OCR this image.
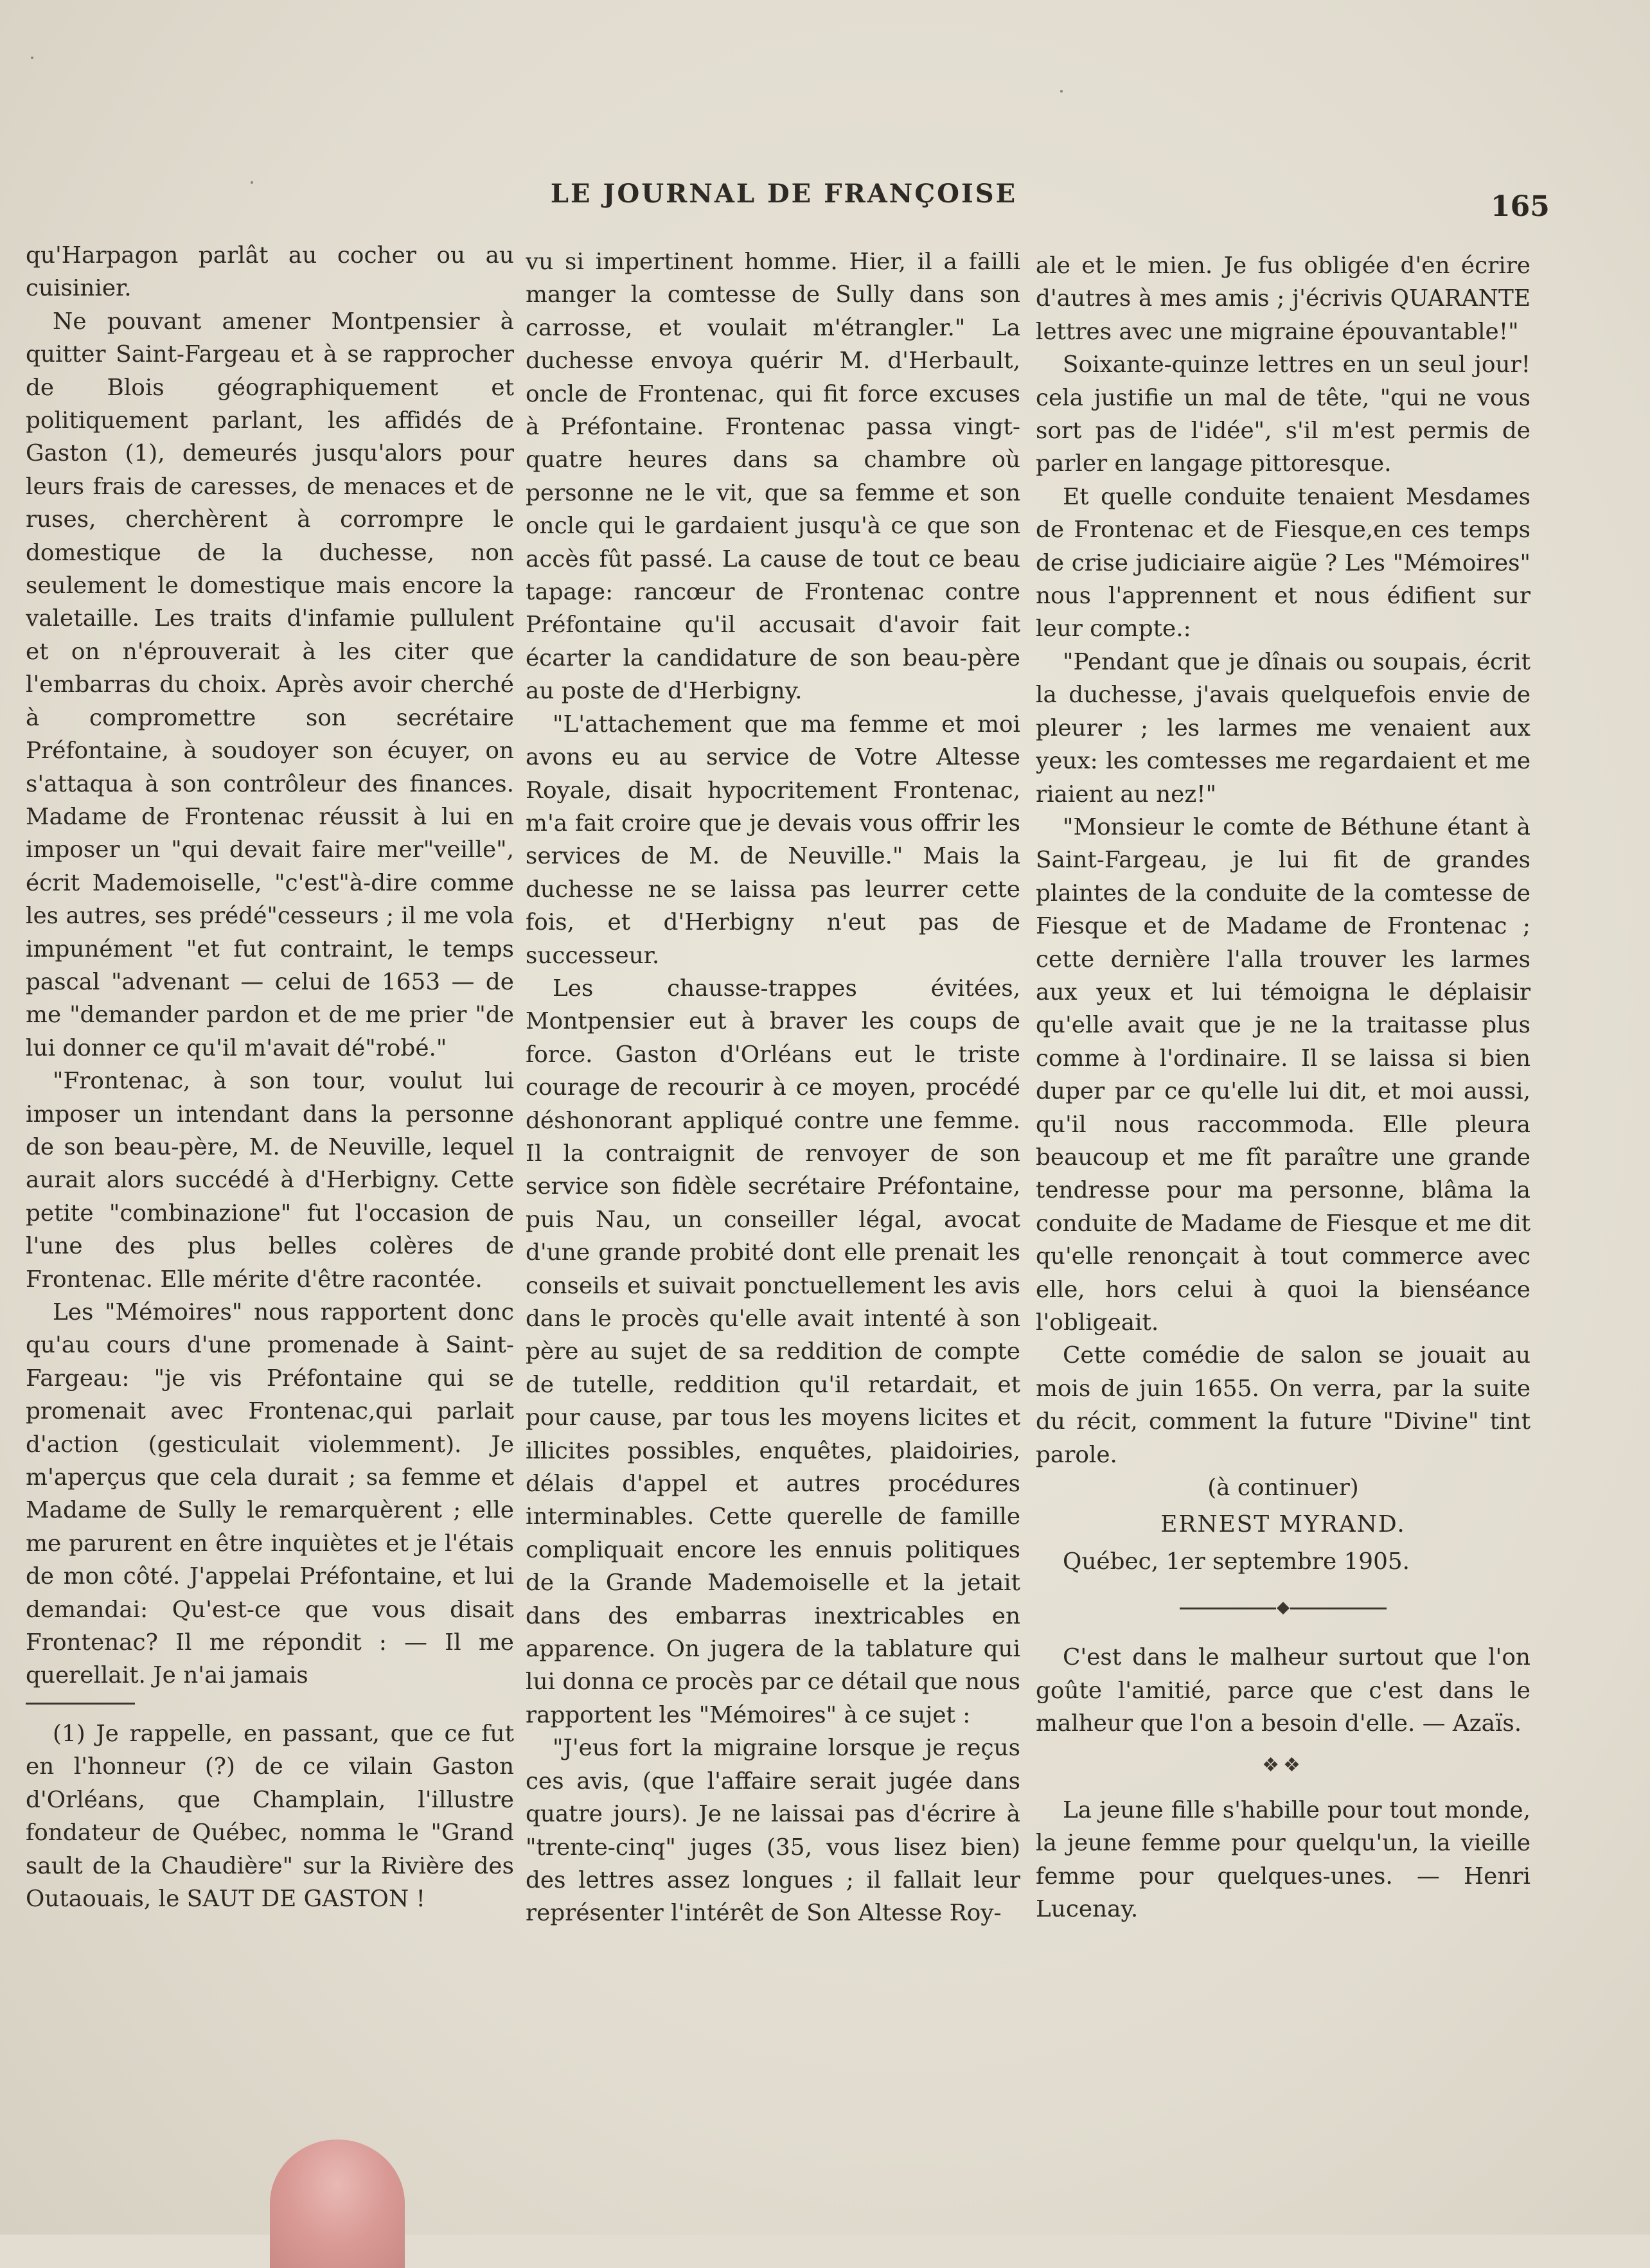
LE JOURNAL DE FRANÇOISE	165

qu'Harpagon parlât au cocher ou au cuisinier.

Ne pouvant amener Montpensier à quitter Saint-Fargeau et à se rapprocher de Blois géographiquement et politiquement parlant, les affidés de Gaston (1), demeurés jusqu'alors pour leurs frais de caresses, de menaces et de ruses, cherchèrent à corrompre le domestique de la duchesse, non seulement le domestique mais encore la valetaille. Les traits d'infamie pullulent et on n'éprouverait à les citer que l'embarras du choix. Après avoir cherché à compromettre son secrétaire Préfontaine, à soudoyer son écuyer, on s'attaqua à son contrôleur des finances. Madame de Frontenac réussit à lui en imposer un "qui devait faire mer"veille", écrit Mademoiselle, "c'est"à-dire comme les autres, ses prédé"cesseurs ; il me vola impunément "et fut contraint, le temps pascal "advenant — celui de 1653 — de me "demander pardon et de me prier "de lui donner ce qu'il m'avait dé"robé."

"Frontenac, à son tour, voulut lui imposer un intendant dans la personne de son beau-père, M. de Neuville, lequel aurait alors succédé à d'Herbigny. Cette petite "combinazione" fut l'occasion de l'une des plus belles colères de Frontenac. Elle mérite d'être racontée.

Les "Mémoires" nous rapportent donc qu'au cours d'une promenade à Saint-Fargeau: "je vis Préfontaine qui se promenait avec Frontenac,qui parlait d'action (gesticulait violemment). Je m'aperçus que cela durait ; sa femme et Madame de Sully le remarquèrent ; elle me parurent en être inquiètes et je l'étais de mon côté. J'appelai Préfontaine, et lui demandai: Qu'est-ce que vous disait Frontenac? Il me répondit : — Il me querellait. Je n'ai jamais

(1) Je rappelle, en passant, que ce fut en l'honneur (?) de ce vilain Gaston d'Orléans, que Champlain, l'illustre fondateur de Québec, nomma le "Grand sault de la Chaudière" sur la Rivière des Outaouais, le SAUT DE GASTON !

vu si impertinent homme. Hier, il a failli manger la comtesse de Sully dans son carrosse, et voulait m'étrangler." La duchesse envoya quérir M. d'Herbault, oncle de Frontenac, qui fit force excuses à Préfontaine. Frontenac passa vingt-quatre heures dans sa chambre où personne ne le vit, que sa femme et son oncle qui le gardaient jusqu'à ce que son accès fût passé. La cause de tout ce beau tapage: rancœur de Frontenac contre Préfontaine qu'il accusait d'avoir fait écarter la candidature de son beau-père au poste de d'Herbigny.

"L'attachement que ma femme et moi avons eu au service de Votre Altesse Royale, disait hypocritement Frontenac, m'a fait croire que je devais vous offrir les services de M. de Neuville." Mais la duchesse ne se laissa pas leurrer cette fois, et d'Herbigny n'eut pas de successeur.

Les chausse-trappes évitées, Montpensier eut à braver les coups de force. Gaston d'Orléans eut le triste courage de recourir à ce moyen, procédé déshonorant appliqué contre une femme. Il la contraignit de renvoyer de son service son fidèle secrétaire Préfontaine, puis Nau, un conseiller légal, avocat d'une grande probité dont elle prenait les conseils et suivait ponctuellement les avis dans le procès qu'elle avait intenté à son père au sujet de sa reddition de compte de tutelle, reddition qu'il retardait, et pour cause, par tous les moyens licites et illicites possibles, enquêtes, plaidoiries, délais d'appel et autres procédures interminables. Cette querelle de famille compliquait encore les ennuis politiques de la Grande Mademoiselle et la jetait dans des embarras inextricables en apparence. On jugera de la tablature qui lui donna ce procès par ce détail que nous rapportent les "Mémoires" à ce sujet :

"J'eus fort la migraine lorsque je reçus ces avis, (que l'affaire serait jugée dans quatre jours). Je ne laissai pas d'écrire à "trente-cinq" juges (35, vous lisez bien) des lettres assez longues ; il fallait leur représenter l'intérêt de Son Altesse Roy-

ale et le mien. Je fus obligée d'en écrire d'autres à mes amis ; j'écrivis QUARANTE lettres avec une migraine épouvantable!"

Soixante-quinze lettres en un seul jour! cela justifie un mal de tête, "qui ne vous sort pas de l'idée", s'il m'est permis de parler en langage pittoresque.

Et quelle conduite tenaient Mesdames de Frontenac et de Fiesque,en ces temps de crise judiciaire aigüe ? Les "Mémoires" nous l'apprennent et nous édifient sur leur compte.:

"Pendant que je dînais ou soupais, écrit la duchesse, j'avais quelquefois envie de pleurer ; les larmes me venaient aux yeux: les comtesses me regardaient et me riaient au nez!"

"Monsieur le comte de Béthune étant à Saint-Fargeau, je lui fit de grandes plaintes de la conduite de la comtesse de Fiesque et de Madame de Frontenac ; cette dernière l'alla trouver les larmes aux yeux et lui témoigna le déplaisir qu'elle avait que je ne la traitasse plus comme à l'ordinaire. Il se laissa si bien duper par ce qu'elle lui dit, et moi aussi, qu'il nous raccommoda. Elle pleura beaucoup et me fît paraître une grande tendresse pour ma personne, blâma la conduite de Madame de Fiesque et me dit qu'elle renonçait à tout commerce avec elle, hors celui à quoi la bienséance l'obligeait.

Cette comédie de salon se jouait au mois de juin 1655. On verra, par la suite du récit, comment la future "Divine" tint parole.

(à continuer)

ERNEST MYRAND.

Québec, 1er septembre 1905.

C'est dans le malheur surtout que l'on goûte l'amitié, parce que c'est dans le malheur que l'on a besoin d'elle. — Azaïs.

❖❖

La jeune fille s'habille pour tout monde, la jeune femme pour quelqu'un, la vieille femme pour quelques-unes. — Henri Lucenay.
